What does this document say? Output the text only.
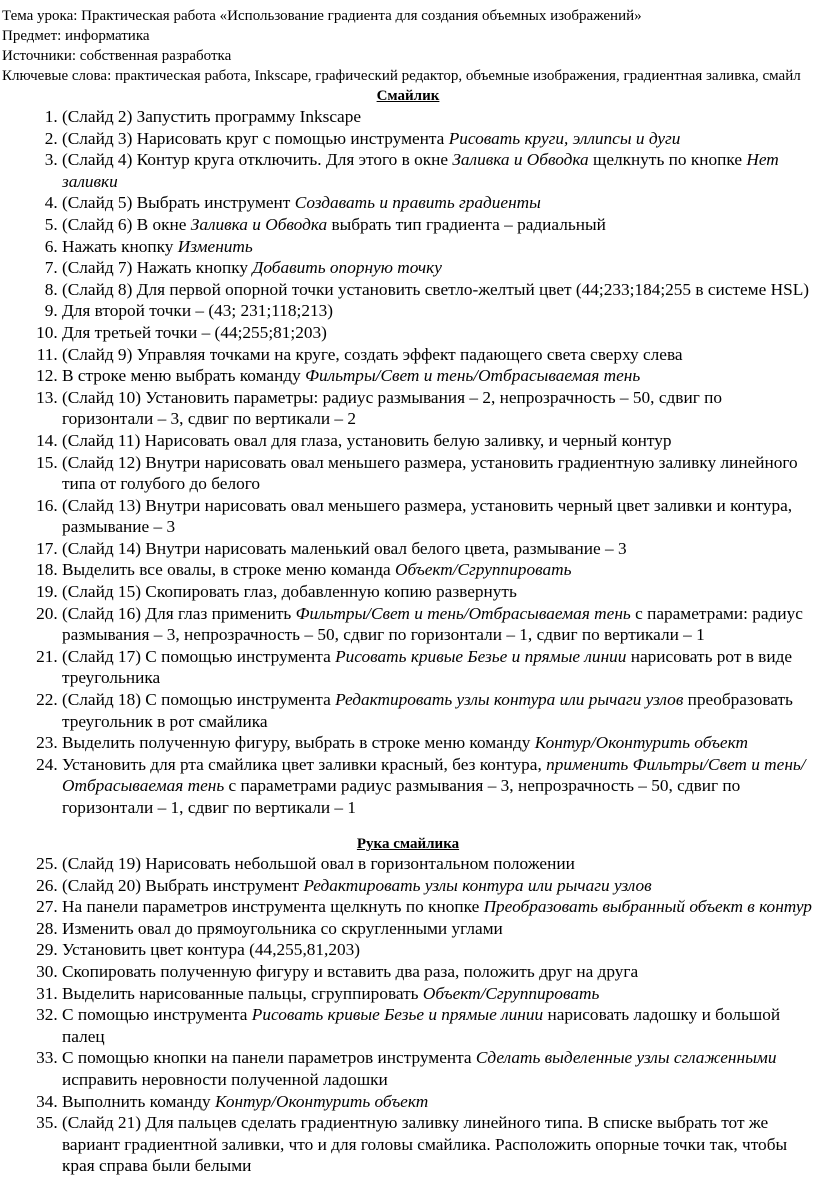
Тема урока: Практическая работа «Использование градиента для создания объемных изображений»
Предмет: информатика
Источники: собственная разработка
Ключевые слова: практическая работа, Inkscape, графический редактор, объемные изображения, градиентная заливка, смайл
Смайлик
1. (Слайд 2) Запустить программу Inkscape
2. (Слайд 3) Нарисовать круг с помощью инструмента Рисовать круги, эллипсы и дуги
3. (Слайд 4) Контур круга отключить. Для этого в окне Заливка и Обводка щелкнуть по кнопке Нет заливки
4. (Слайд 5) Выбрать инструмент Создавать и править градиенты
5. (Слайд 6) В окне Заливка и Обводка выбрать тип градиента – радиальный
6. Нажать кнопку Изменить
7. (Слайд 7) Нажать кнопку Добавить опорную точку
8. (Слайд 8) Для первой опорной точки установить светло-желтый цвет (44;233;184;255 в системе HSL)
9. Для второй точки – (43; 231;118;213)
10. Для третьей точки – (44;255;81;203)
11. (Слайд 9) Управляя точками на круге, создать эффект падающего света сверху слева
12. В строке меню выбрать команду Фильтры/Свет и тень/Отбрасываемая тень
13. (Слайд 10) Установить параметры: радиус размывания – 2, непрозрачность – 50, сдвиг по горизонтали – 3, сдвиг по вертикали – 2
14. (Слайд 11) Нарисовать овал для глаза, установить белую заливку, и черный контур
15. (Слайд 12) Внутри нарисовать овал меньшего размера, установить градиентную заливку линейного типа от голубого до белого
16. (Слайд 13) Внутри нарисовать овал меньшего размера, установить черный цвет заливки и контура, размывание – 3
17. (Слайд 14) Внутри нарисовать маленький овал белого цвета, размывание – 3
18. Выделить все овалы, в строке меню команда Объект/Сгруппировать
19. (Слайд 15) Скопировать глаз, добавленную копию развернуть
20. (Слайд 16) Для глаз применить Фильтры/Свет и тень/Отбрасываемая тень с параметрами: радиус размывания – 3, непрозрачность – 50, сдвиг по горизонтали – 1, сдвиг по вертикали – 1
21. (Слайд 17) С помощью инструмента Рисовать кривые Безье и прямые линии нарисовать рот в виде треугольника
22. (Слайд 18) С помощью инструмента Редактировать узлы контура или рычаги узлов преобразовать треугольник в рот смайлика
23. Выделить полученную фигуру, выбрать в строке меню команду Контур/Оконтурить объект
24. Установить для рта смайлика цвет заливки красный, без контура, применить Фильтры/Свет и тень/Отбрасываемая тень с параметрами радиус размывания – 3, непрозрачность – 50, сдвиг по горизонтали – 1, сдвиг по вертикали – 1
Рука смайлика
25. (Слайд 19) Нарисовать небольшой овал в горизонтальном положении
26. (Слайд 20) Выбрать инструмент Редактировать узлы контура или рычаги узлов
27. На панели параметров инструмента щелкнуть по кнопке Преобразовать выбранный объект в контур
28. Изменить овал до прямоугольника со скругленными углами
29. Установить цвет контура (44,255,81,203)
30. Скопировать полученную фигуру и вставить два раза, положить друг на друга
31. Выделить нарисованные пальцы, сгруппировать Объект/Сгруппировать
32. С помощью инструмента Рисовать кривые Безье и прямые линии нарисовать ладошку и большой палец
33. С помощью кнопки на панели параметров инструмента Сделать выделенные узлы сглаженными исправить неровности полученной ладошки
34. Выполнить команду Контур/Оконтурить объект
35. (Слайд 21) Для пальцев сделать градиентную заливку линейного типа. В списке выбрать тот же вариант градиентной заливки, что и для головы смайлика. Расположить опорные точки так, чтобы края справа были белыми
